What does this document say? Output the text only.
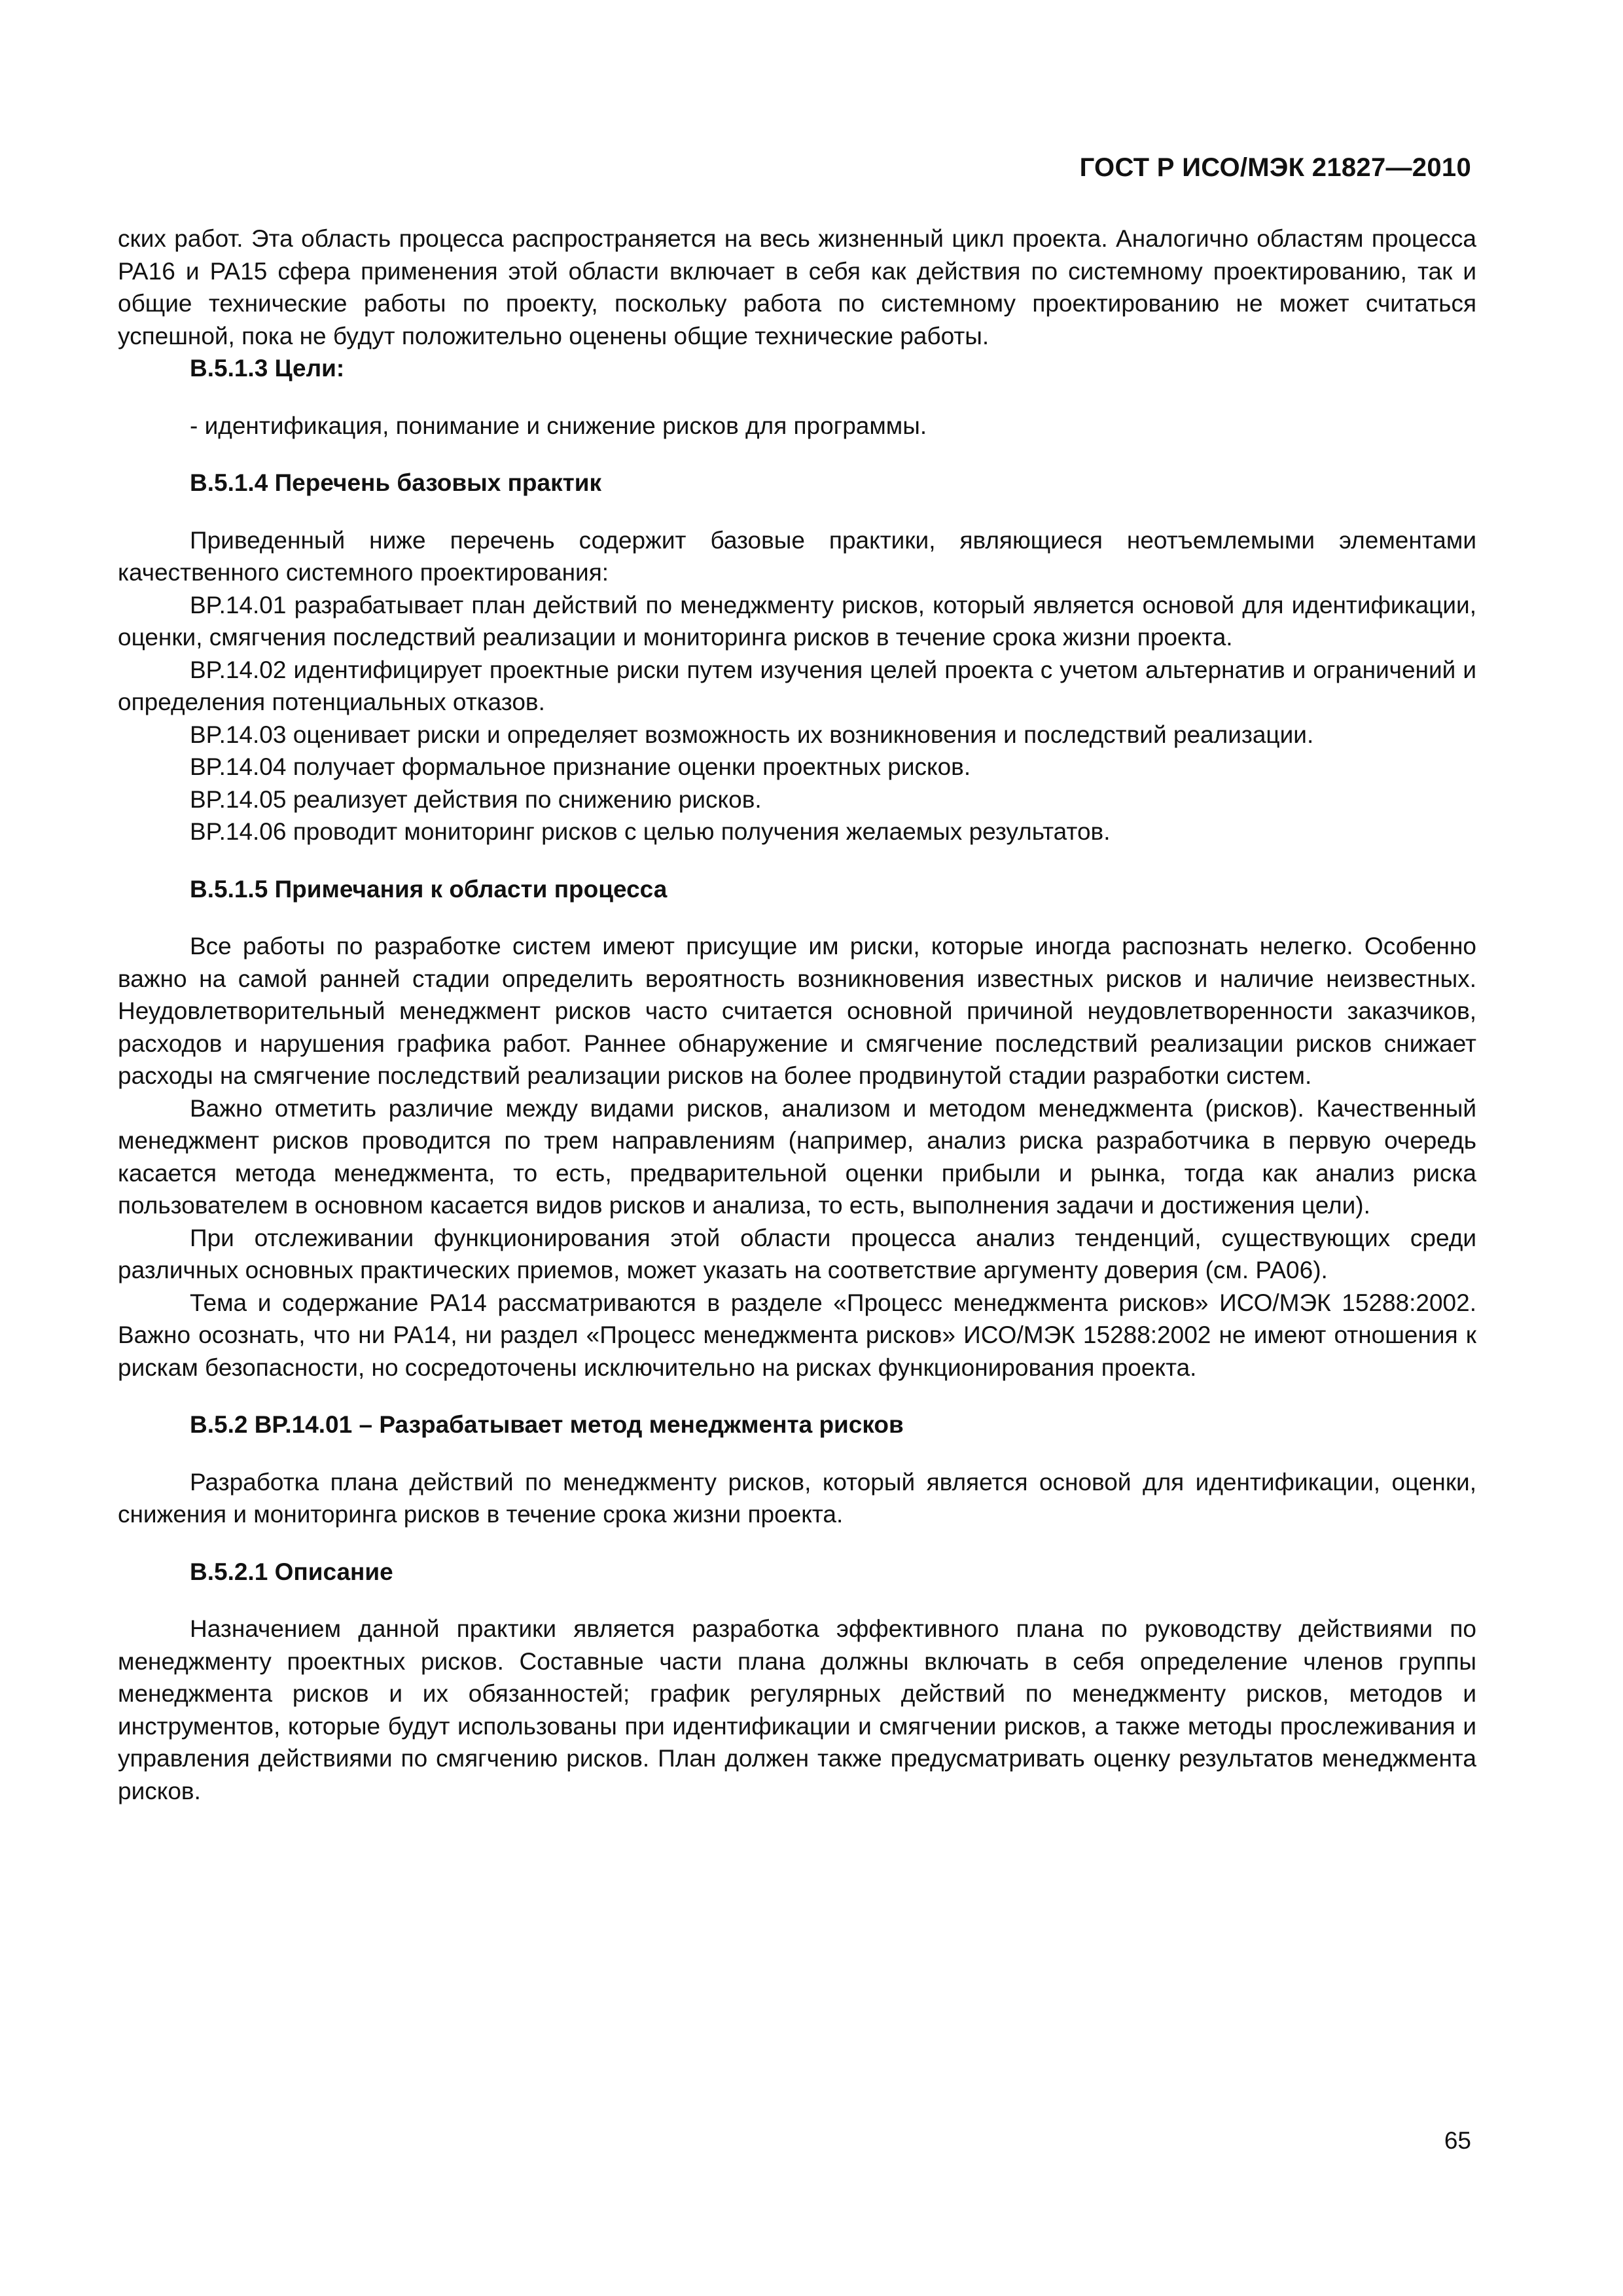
ГОСТ Р ИСО/МЭК 21827—2010

ских работ. Эта область процесса распространяется на весь жизненный цикл проекта. Аналогично областям процесса PA16 и PA15 сфера применения этой области включает в себя как действия по системному проектированию, так и общие технические работы по проекту, поскольку работа по системному проектированию не может считаться успешной, пока не будут положительно оценены общие технические работы.

В.5.1.3 Цели:

- идентификация, понимание и снижение рисков для программы.

В.5.1.4 Перечень базовых практик

Приведенный ниже перечень содержит базовые практики, являющиеся неотъемлемыми элементами качественного системного проектирования:

BP.14.01 разрабатывает план действий по менеджменту рисков, который является основой для идентификации, оценки, смягчения последствий реализации и мониторинга рисков в течение срока жизни проекта.

BP.14.02 идентифицирует проектные риски путем изучения целей проекта с учетом альтернатив и ограничений и определения потенциальных отказов.

BP.14.03 оценивает риски и определяет возможность их возникновения и последствий реализации.

BP.14.04 получает формальное признание оценки проектных рисков.

BP.14.05 реализует действия по снижению рисков.

BP.14.06 проводит мониторинг рисков с целью получения желаемых результатов.

В.5.1.5 Примечания к области процесса

Все работы по разработке систем имеют присущие им риски, которые иногда распознать нелегко. Особенно важно на самой ранней стадии определить вероятность возникновения известных рисков и наличие неизвестных. Неудовлетворительный менеджмент рисков часто считается основной причиной неудовлетворенности заказчиков, расходов и нарушения графика работ. Раннее обнаружение и смягчение последствий реализации рисков снижает расходы на смягчение последствий реализации рисков на более продвинутой стадии разработки систем.

Важно отметить различие между видами рисков, анализом и методом менеджмента (рисков). Качественный менеджмент рисков проводится по трем направлениям (например, анализ риска разработчика в первую очередь касается метода менеджмента, то есть, предварительной оценки прибыли и рынка, тогда как анализ риска пользователем в основном касается видов рисков и анализа, то есть, выполнения задачи и достижения цели).

При отслеживании функционирования этой области процесса анализ тенденций, существующих среди различных основных практических приемов, может указать на соответствие аргументу доверия (см. PA06).

Тема и содержание PA14 рассматриваются в разделе «Процесс менеджмента рисков» ИСО/МЭК 15288:2002. Важно осознать, что ни PA14, ни раздел «Процесс менеджмента рисков» ИСО/МЭК 15288:2002 не имеют отношения к рискам безопасности, но сосредоточены исключительно на рисках функционирования проекта.

В.5.2 BP.14.01 – Разрабатывает метод менеджмента рисков

Разработка плана действий по менеджменту рисков, который является основой для идентификации, оценки, снижения и мониторинга рисков в течение срока жизни проекта.

В.5.2.1 Описание

Назначением данной практики является разработка эффективного плана по руководству действиями по менеджменту проектных рисков. Составные части плана должны включать в себя определение членов группы менеджмента рисков и их обязанностей; график регулярных действий по менеджменту рисков, методов и инструментов, которые будут использованы при идентификации и смягчении рисков, а также методы прослеживания и управления действиями по смягчению рисков. План должен также предусматривать оценку результатов менеджмента рисков.

65
